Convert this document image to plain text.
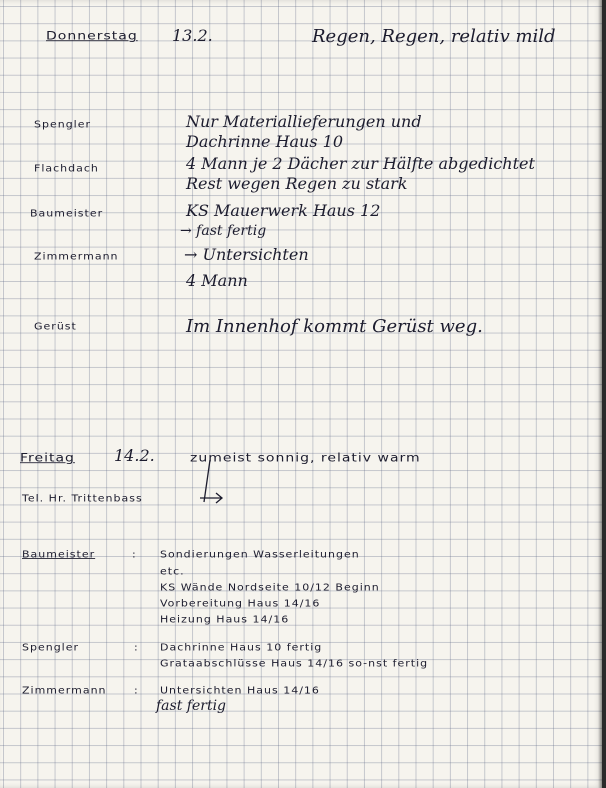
Donnerstag 13.2.	Regen, Regen, relativ mild
Spengler	Nur Materiallieferungen und
Dachrinne Haus 10
Flachdach	4 Mann je 2 Dächer zur Hälfte abgedichtet
Rest wegen Regen zu stark
Baumeister	KS Mauerwerk Haus 12
→ fast fertig
Zimmermann	→ Untersichten
4 Mann
Gerüst	Im Innenhof kommt Gerüst weg.
Freitag 14.2.	zumeist sonnig, relativ warm
Tel. Hr. Trittenbass
Baumeister	: Sondierungen Wasserleitungen
etc.
KS Wände Nordseite 10/12 Beginn
Vorbereitung Haus 14/16
Heizung Haus 14/16
Spengler	: Dachrinne Haus 10 fertig
Grataabschlüsse Haus 14/16 so-nst fertig
Zimmermann : Untersichten Haus 14/16
fast fertig
